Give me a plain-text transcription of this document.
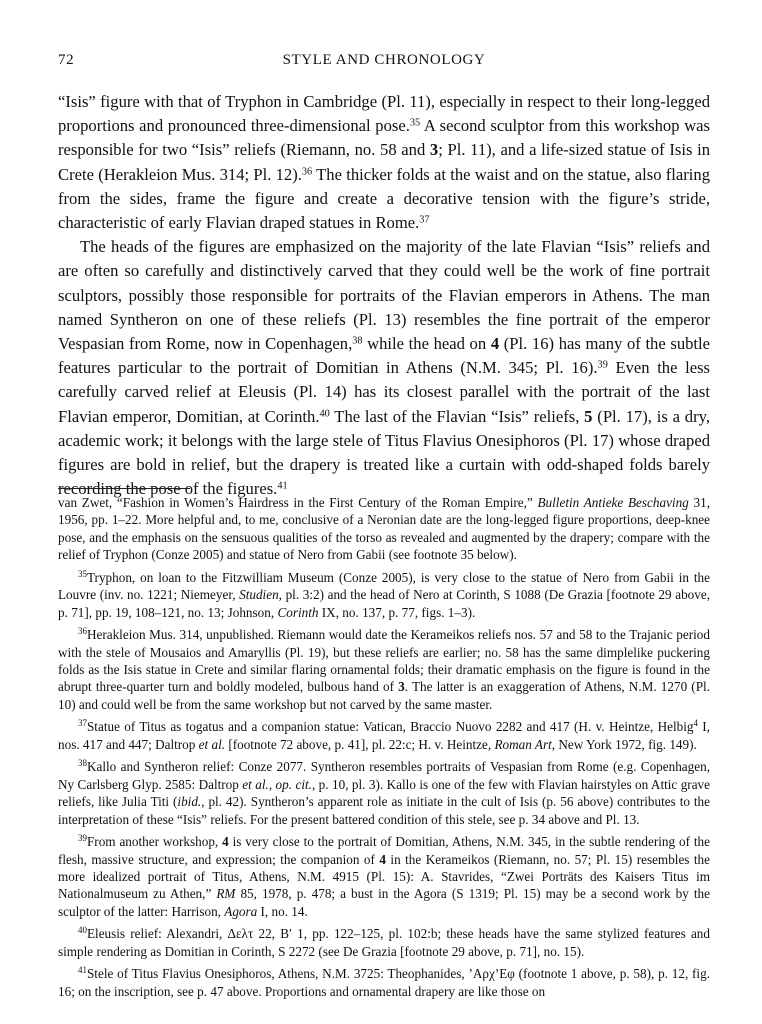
72	STYLE AND CHRONOLOGY

“Isis” figure with that of Tryphon in Cambridge (Pl. 11), especially in respect to their long-legged proportions and pronounced three-dimensional pose.$^{35}$ A second sculptor from this workshop was responsible for two “Isis” reliefs (Riemann, no. 58 and 3; Pl. 11), and a life-sized statue of Isis in Crete (Herakleion Mus. 314; Pl. 12).$^{36}$ The thicker folds at the waist and on the statue, also flaring from the sides, frame the figure and create a decorative tension with the figure’s stride, characteristic of early Flavian draped statues in Rome.$^{37}$

The heads of the figures are emphasized on the majority of the late Flavian “Isis” reliefs and are often so carefully and distinctively carved that they could well be the work of fine portrait sculptors, possibly those responsible for portraits of the Flavian emperors in Athens. The man named Syntheron on one of these reliefs (Pl. 13) resembles the fine portrait of the emperor Vespasian from Rome, now in Copenhagen,$^{38}$ while the head on 4 (Pl. 16) has many of the subtle features particular to the portrait of Domitian in Athens (N.M. 345; Pl. 16).$^{39}$ Even the less carefully carved relief at Eleusis (Pl. 14) has its closest parallel with the portrait of the last Flavian emperor, Domitian, at Corinth.$^{40}$ The last of the Flavian “Isis” reliefs, 5 (Pl. 17), is a dry, academic work; it belongs with the large stele of Titus Flavius Onesiphoros (Pl. 17) whose draped figures are bold in relief, but the drapery is treated like a curtain with odd-shaped folds barely recording the pose of the figures.$^{41}$

van Zwet, “Fashion in Women’s Hairdress in the First Century of the Roman Empire,” Bulletin Antieke Beschaving 31, 1956, pp. 1–22. More helpful and, to me, conclusive of a Neronian date are the long-legged figure proportions, deep-knee pose, and the emphasis on the sensuous qualities of the torso as revealed and augmented by the drapery; compare with the relief of Tryphon (Conze 2005) and statue of Nero from Gabii (see footnote 35 below).

$^{35}$Tryphon, on loan to the Fitzwilliam Museum (Conze 2005), is very close to the statue of Nero from Gabii in the Louvre (inv. no. 1221; Niemeyer, Studien, pl. 3:2) and the head of Nero at Corinth, S 1088 (De Grazia [footnote 29 above, p. 71], pp. 19, 108–121, no. 13; Johnson, Corinth IX, no. 137, p. 77, figs. 1–3).

$^{36}$Herakleion Mus. 314, unpublished. Riemann would date the Kerameikos reliefs nos. 57 and 58 to the Trajanic period with the stele of Mousaios and Amaryllis (Pl. 19), but these reliefs are earlier; no. 58 has the same dimplelike puckering folds as the Isis statue in Crete and similar flaring ornamental folds; their dramatic emphasis on the figure is found in the abrupt three-quarter turn and boldly modeled, bulbous hand of 3. The latter is an exaggeration of Athens, N.M. 1270 (Pl. 10) and could well be from the same workshop but not carved by the same master.

$^{37}$Statue of Titus as togatus and a companion statue: Vatican, Braccio Nuovo 2282 and 417 (H. v. Heintze, Helbig$^4$ I, nos. 417 and 447; Daltrop et al. [footnote 72 above, p. 41], pl. 22:c; H. v. Heintze, Roman Art, New York 1972, fig. 149).

$^{38}$Kallo and Syntheron relief: Conze 2077. Syntheron resembles portraits of Vespasian from Rome (e.g. Copenhagen, Ny Carlsberg Glyp. 2585: Daltrop et al., op. cit., p. 10, pl. 3). Kallo is one of the few with Flavian hairstyles on Attic grave reliefs, like Julia Titi (ibid., pl. 42). Syntheron’s apparent role as initiate in the cult of Isis (p. 56 above) contributes to the interpretation of these “Isis” reliefs. For the present battered condition of this stele, see p. 34 above and Pl. 13.

$^{39}$From another workshop, 4 is very close to the portrait of Domitian, Athens, N.M. 345, in the subtle rendering of the flesh, massive structure, and expression; the companion of 4 in the Kerameikos (Riemann, no. 57; Pl. 15) resembles the more idealized portrait of Titus, Athens, N.M. 4915 (Pl. 15): A. Stavrides, “Zwei Porträts des Kaisers Titus im Nationalmuseum zu Athen,” RM 85, 1978, p. 478; a bust in the Agora (S 1319; Pl. 15) may be a second work by the sculptor of the latter: Harrison, Agora I, no. 14.

$^{40}$Eleusis relief: Alexandri, Δελτ 22, B′ 1, pp. 122–125, pl. 102:b; these heads have the same stylized features and simple rendering as Domitian in Corinth, S 2272 (see De Grazia [footnote 29 above, p. 71], no. 15).

$^{41}$Stele of Titus Flavius Onesiphoros, Athens, N.M. 3725: Theophanides, ’Αρχ’Εφ (footnote 1 above, p. 58), p. 12, fig. 16; on the inscription, see p. 47 above. Proportions and ornamental drapery are like those on
